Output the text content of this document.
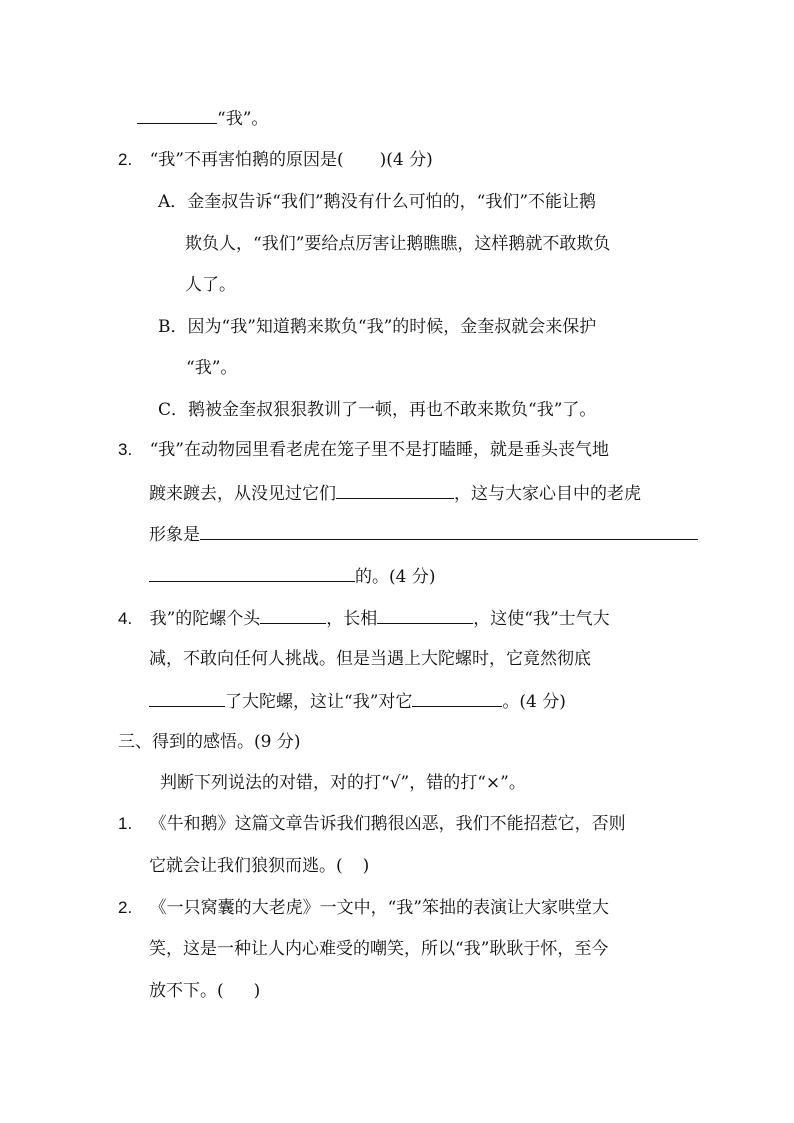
“我”。
2. “我”不再害怕鹅的原因是( )(4 分)
A．金奎叔告诉“我们”鹅没有什么可怕的，“我们”不能让鹅
欺负人，“我们”要给点厉害让鹅瞧瞧，这样鹅就不敢欺负
人了。
B．因为“我”知道鹅来欺负“我”的时候，金奎叔就会来保护
“我”。
C．鹅被金奎叔狠狠教训了一顿，再也不敢来欺负“我”了。
3. “我”在动物园里看老虎在笼子里不是打瞌睡，就是垂头丧气地
踱来踱去，从没见过它们	，这与大家心目中的老虎
形象是
的。(4 分)
4. 我”的陀螺个头	，长相	，这使“我”士气大
减，不敢向任何人挑战。但是当遇上大陀螺时，它竟然彻底
了大陀螺，这让“我”对它	。(4 分)
三、得到的感悟。(9 分)
判断下列说法的对错，对的打“√”，错的打“×”。
1. 《牛和鹅》这篇文章告诉我们鹅很凶恶，我们不能招惹它，否则
它就会让我们狼狈而逃。( )
2. 《一只窝囊的大老虎》一文中，“我”笨拙的表演让大家哄堂大
笑，这是一种让人内心难受的嘲笑，所以“我”耿耿于怀，至今
放不下。( )
